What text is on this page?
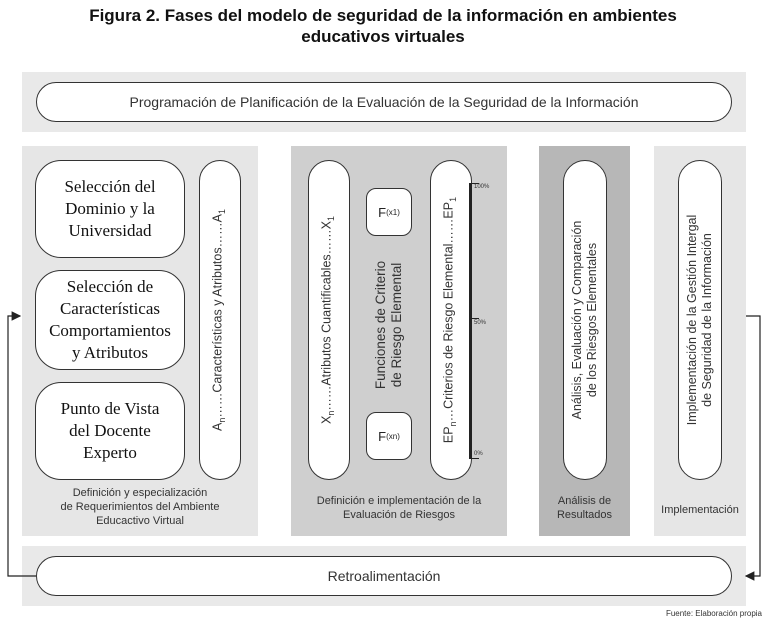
Figura 2. Fases del modelo de seguridad de la información en ambientes
educativos virtuales
Programación de Planificación de la Evaluación de la Seguridad de la Información
Selección del
Dominio y la
Universidad
Selección de
Características
Comportamientos
y Atributos
Punto de Vista
del Docente
Experto
$A_n\dots\dots Características$ y $Atributos\dots\dots A_1$
Definición y especialización
de Requerimientos del Ambiente
Educactivo Virtual
$X_n\dots\dots Atributos$ $Cuantificables\dots\dots X_1$	F (x1)
Funciones de Criterio de Riesgo Elemental
F (xn)	$EP_n\dots Criterios$ de Riesgo $Elemental\dots\dots EP_1$
100%
50%
0%
Definición e implementación de la
Evaluación de Riesgos
Análisis, Evaluación y Comparación de los Riesgos Elementales
Análisis de
Resultados
Implementación de la Gestión Intergal de Seguridad de la Información
Implementación
Retroalimentación
Fuente: Elaboración propia
